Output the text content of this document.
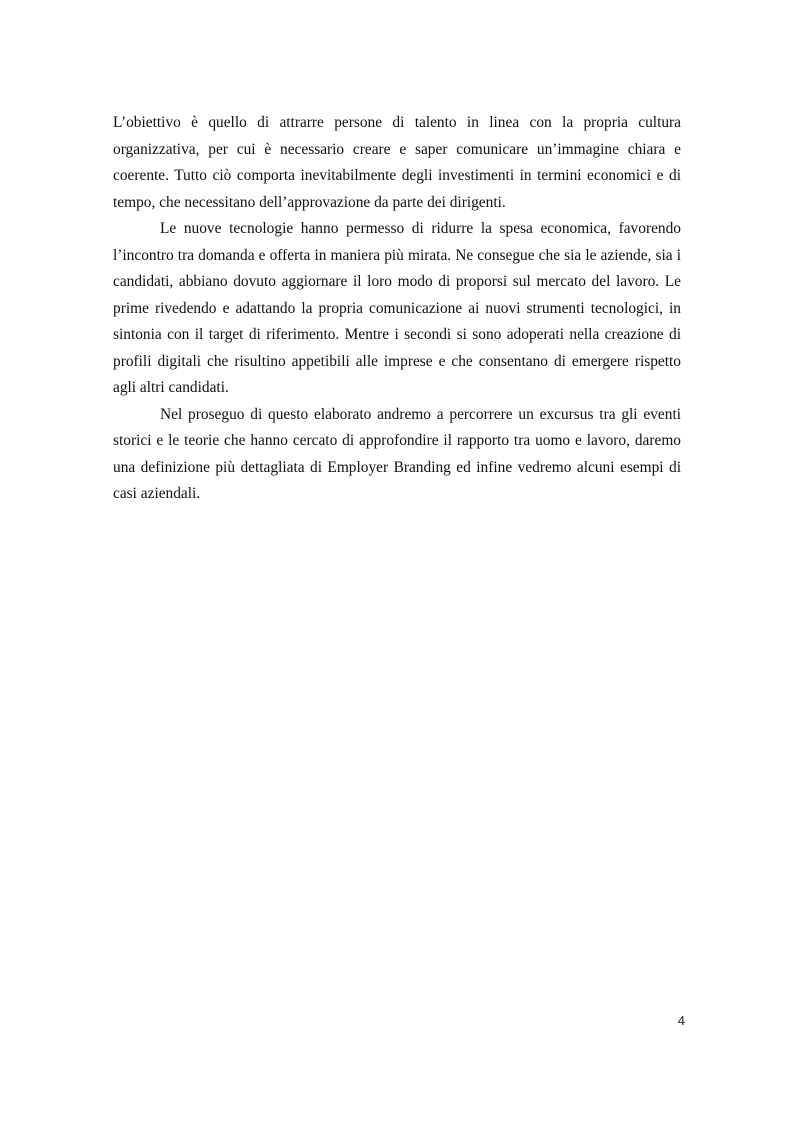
L’obiettivo è quello di attrarre persone di talento in linea con la propria cultura organizzativa, per cui è necessario creare e saper comunicare un’immagine chiara e coerente. Tutto ciò comporta inevitabilmente degli investimenti in termini economici e di tempo, che necessitano dell’approvazione da parte dei dirigenti.

Le nuove tecnologie hanno permesso di ridurre la spesa economica, favorendo l’incontro tra domanda e offerta in maniera più mirata. Ne consegue che sia le aziende, sia i candidati, abbiano dovuto aggiornare il loro modo di proporsi sul mercato del lavoro. Le prime rivedendo e adattando la propria comunicazione ai nuovi strumenti tecnologici, in sintonia con il target di riferimento. Mentre i secondi si sono adoperati nella creazione di profili digitali che risultino appetibili alle imprese e che consentano di emergere rispetto agli altri candidati.

Nel proseguo di questo elaborato andremo a percorrere un excursus tra gli eventi storici e le teorie che hanno cercato di approfondire il rapporto tra uomo e lavoro, daremo una definizione più dettagliata di Employer Branding ed infine vedremo alcuni esempi di casi aziendali.

4
